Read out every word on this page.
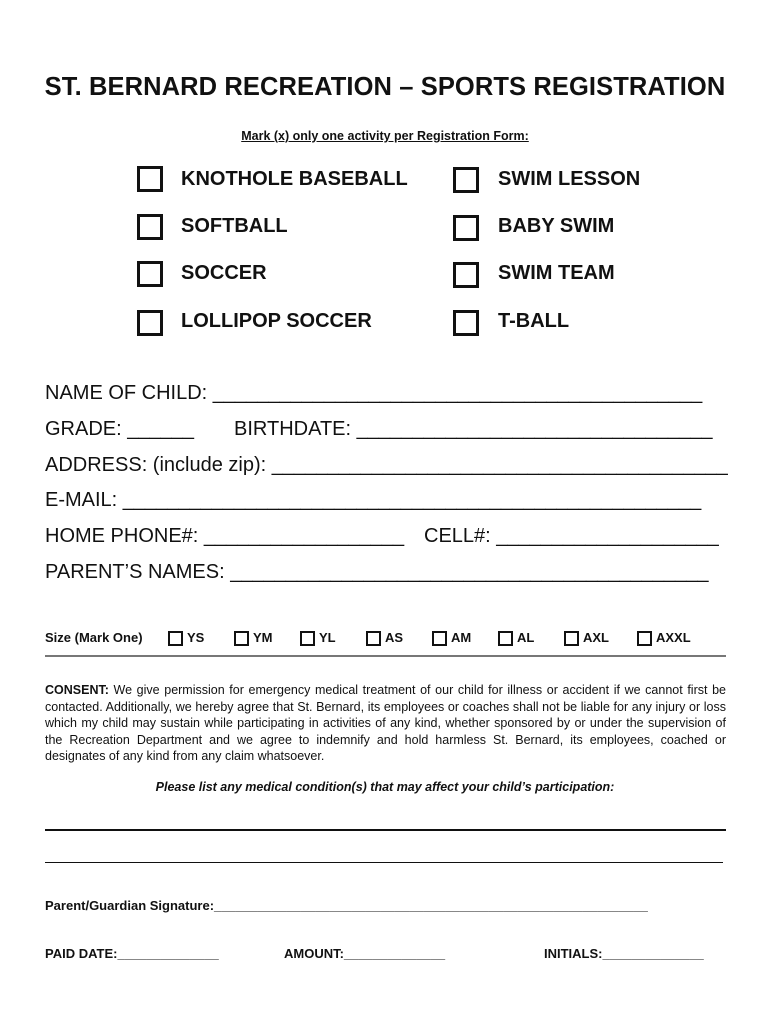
ST. BERNARD RECREATION – SPORTS REGISTRATION
Mark (x) only one activity per Registration Form:
KNOTHOLE BASEBALL
SOFTBALL
SOCCER
LOLLIPOP SOCCER
SWIM LESSON
BABY SWIM
SWIM TEAM
T-BALL
NAME OF CHILD: ____________________________________________
GRADE: ______ BIRTHDATE: ________________________________
ADDRESS: (include zip): _________________________________________
E-MAIL: ____________________________________________________
HOME PHONE#: __________________ CELL#: ____________________
PARENT’S NAMES: ___________________________________________
Size (Mark One)	YS	YM	YL	AS	AM	AL	AXL	AXXL
CONSENT: We give permission for emergency medical treatment of our child for illness or accident if we cannot first be contacted. Additionally, we hereby agree that St. Bernard, its employees or coaches shall not be liable for any injury or loss which my child may sustain while participating in activities of any kind, whether sponsored by or under the supervision of the Recreation Department and we agree to indemnify and hold harmless St. Bernard, its employees, coached or designates of any kind from any claim whatsoever.
Please list any medical condition(s) that may affect your child’s participation:
Parent/Guardian Signature:____________________________________________________________
PAID DATE:______________	AMOUNT:______________	INITIALS:______________
